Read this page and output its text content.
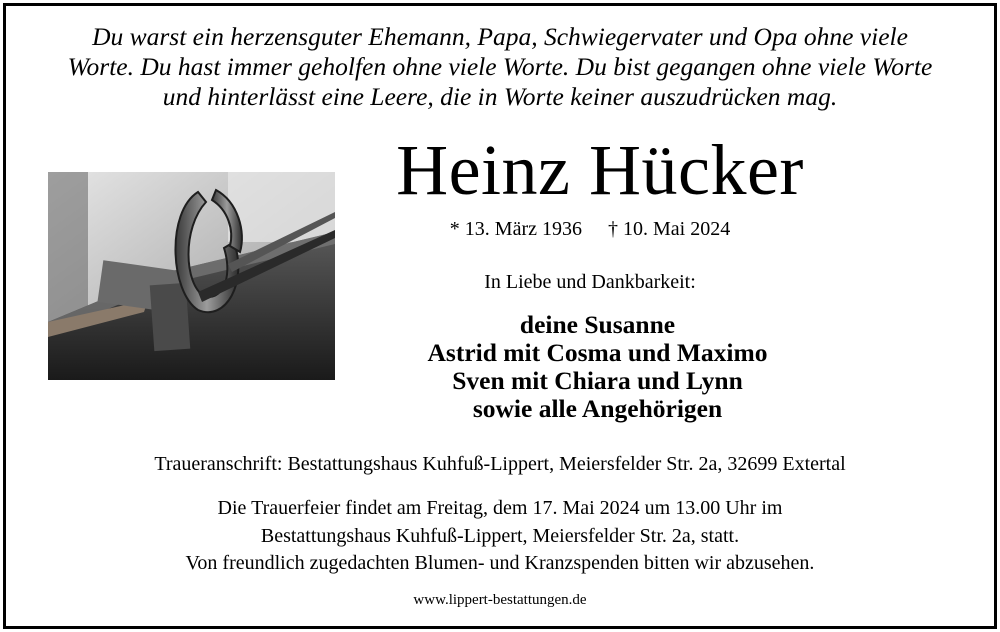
Du warst ein herzensguter Ehemann, Papa, Schwiegervater und Opa ohne viele
Worte. Du hast immer geholfen ohne viele Worte. Du bist gegangen ohne viele Worte
und hinterlässt eine Leere, die in Worte keiner auszudrücken mag.
Heinz Hücker
* 13. März 1936 † 10. Mai 2024
In Liebe und Dankbarkeit:
deine Susanne
Astrid mit Cosma und Maximo
Sven mit Chiara und Lynn
sowie alle Angehörigen
Traueranschrift: Bestattungshaus Kuhfuß-Lippert, Meiersfelder Str. 2a, 32699 Extertal
Die Trauerfeier findet am Freitag, dem 17. Mai 2024 um 13.00 Uhr im
Bestattungshaus Kuhfuß-Lippert, Meiersfelder Str. 2a, statt.
Von freundlich zugedachten Blumen- und Kranzspenden bitten wir abzusehen.
www.lippert-bestattungen.de
